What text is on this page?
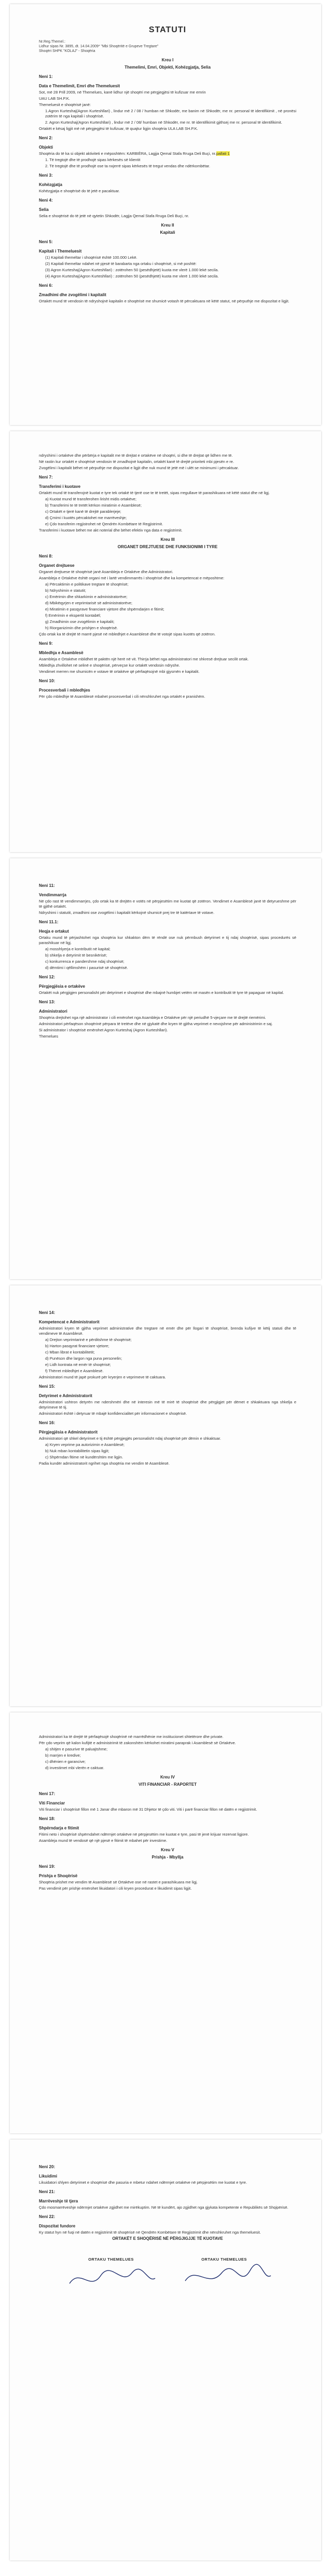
STATUTI
Nr.Reg.Themel.:
Lidhur sipas Nr. 3895, dt. 14.04.2009* "Mbi Shoqëritë e Grupeve Tregtare"
Shoqëri SHPK "KOLAJ" - Shoqëria
Kreu I
Themelimi, Emri, Objekti, Kohëzgjatja, Selia
Neni 1:
Data e Themelimit, Emri dhe Themeluesit
Sot, më 28 Prill 2009, në Themelues, kanë lidhur një shoqëri me përgjegjësi të kufizuar me emrin
UAU LAB SH.P.K.
Themeluesit e shoqërisë janë:
1.Agron Kurteshaj(Agron Kurteshllari) , lindur më 2 / 08 / humban në Shkodër, me banim në Shkodër, me nr. personal të identifikimit , në pronësi zotërim të nga kapitali i shoqërisë.
2. Agron Kurteshaj(Agron Kurteshllari) , lindur më 2 / 08/ humban në Shkodër, me nr. të identifikimit gjithsej me nr. personal të identifikimit.
Ortakët e kësaj ligjit më në përgjegjësi të kufizuar, të quajtur ligjin shoqëria ULA LAB SH.P.K.
Neni 2:
Objekti
Shoqëria do të ka si objekt aktiviteti e mëposhtëm: KARBIÈRA, Lagjja Qemal Stafa Rruga Deli Buçi, nr.pallati 1
1. Të tregtojë dhe të prodhojë sipas kërkesës së klientit
2. Të tregtojë dhe të prodhojë ose ta nxjerrë sipas kërkesës të tregut vendas dhe ndërkombëtar.
Neni 3:
Kohëzgjatja
Kohëzgjatja e shoqërisë do të jetë e pacaktuar.
Neni 4:
Selia
Selia e shoqërisë do të jetë në qytetin Shkodër, Lagjja Qemal Stafa Rruga Deli Buçi, nr.
Kreu II
Kapitali
Neni 5:
Kapitali i Themeluesit
(1) Kapitali themeltar i shoqërisë është 100.000 Lekë.
(2) Kapitali themeltar ndahet në pjesë të barabarta nga ortaku i shoqërisë, si më poshtë:
(3) Agron Kurteshaj(Agron Kurteshllari) : zotërohen 50 (pesëdhjetë) kuota me vlerë 1.000 lekë secila.
(4) Agron Kurteshaj(Agron Kurteshllari) : zotërohen 50 (pesëdhjetë) kuota me vlerë 1.000 lekë secila.
Neni 6:
Zmadhimi dhe zvogëlimi i kapitalit
Ortakët mund të vendosin të ndryshojnë kapitalin e shoqërisë me shumicë votash të përcaktuara në këtë statut, në përputhje me dispozitat e ligjit.
ndryshimi i ortakëve dhe përbërja e kapitalit me të drejtat e ortakëve në shoqëri, si dhe të drejtat që lidhen me të.
Në rastin kur ortakët e shoqërisë vendosin të zmadhojnë kapitalin, ortakët kanë të drejtë prioriteti mbi pjesën e re.
Zvogëlimi i kapitalit bëhet në përputhje me dispozitat e ligjit dhe nuk mund të jetë më i ulët se minimumi i përcaktuar.
Neni 7:
Transferimi i kuotave
Ortakët mund të transferojnë kuotat e tyre tek ortakë të tjerë ose te të tretët, sipas rregullave të parashikuara në këtë statut dhe në ligj.
a) Kuotat mund të transferohen lirisht midis ortakëve;
b) Transferimi te të tretët kërkon miratimin e Asamblesë;
c) Ortakët e tjerë kanë të drejtë parablerjeje;
d) Çmimi i kuotës përcaktohet me marrëveshje;
e) Çdo transferim regjistrohet në Qendrën Kombëtare të Regjistrimit.
Transferimi i kuotave bëhet me akt noterial dhe bëhet efektiv nga data e regjistrimit.
Kreu III
ORGANET DREJTUESE DHE FUNKSIONIMI I TYRE
Neni 8:
Organet drejtuese
Organet drejtuese të shoqërisë janë Asambleja e Ortakëve dhe Administratori.
Asambleja e Ortakëve është organi më i lartë vendimmarrës i shoqërisë dhe ka kompetencat e mëposhtme:
a) Përcaktimin e politikave tregtare të shoqërisë;
b) Ndryshimin e statutit;
c) Emërimin dhe shkarkimin e administratorëve;
d) Mbikëqyrjen e veprimtarisë së administratorëve;
e) Miratimin e pasqyrave financiare vjetore dhe shpërndarjen e fitimit;
f) Emërimin e ekspertit kontabël;
g) Zmadhimin ose zvogëlimin e kapitalit;
h) Riorganizimin dhe prishjen e shoqërisë.
Çdo ortak ka të drejtë të marrë pjesë në mbledhjet e Asamblesë dhe të votojë sipas kuotës që zotëron.
Neni 9:
Mbledhja e Asamblesë
Asambleja e Ortakëve mblidhet të paktën një herë në vit. Thirrja bëhet nga administratori me shkresë drejtuar secilit ortak.
Mbledhja zhvillohet në selinë e shoqërisë, përveçse kur ortakët vendosin ndryshe.
Vendimet merren me shumicën e votave të ortakëve që përfaqësojnë mbi gjysmën e kapitalit.
Neni 10:
Procesverbali i mbledhjes
Për çdo mbledhje të Asamblesë mbahet procesverbal i cili nënshkruhet nga ortakët e pranishëm.
Neni 11:
Vendimmarrja
Në çdo rast të vendimmarrjes, çdo ortak ka të drejtën e votës në përpjesëtim me kuotat që zotëron. Vendimet e Asamblesë janë të detyrueshme për të gjithë ortakët.
Ndryshimi i statutit, zmadhimi ose zvogëlimi i kapitalit kërkojnë shumicë prej tre të katërtave të votave.
Neni 11.1:
Heqja e ortakut
Ortaku mund të përjashtohet nga shoqëria kur shkakton dëm të rëndë ose nuk përmbush detyrimet e tij ndaj shoqërisë, sipas procedurës së parashikuar në ligj.
a) mosshlyerja e kontributit në kapital;
b) shkelja e detyrimit të besnikërisë;
c) konkurrenca e pandershme ndaj shoqërisë;
d) dëmtimi i qëllimshëm i pasurisë së shoqërisë.
Neni 12:
Përgjegjësia e ortakëve
Ortakët nuk përgjigjen personalisht për detyrimet e shoqërisë dhe mbajnë humbjet vetëm në masën e kontributit të tyre të papaguar në kapital.
Neni 13:
Administratori
Shoqëria drejtohet nga një administrator i cili emërohet nga Asambleja e Ortakëve për një periudhë 5-vjeçare me të drejtë riemërimi.
Administratori përfaqëson shoqërinë përpara të tretëve dhe në gjykatë dhe kryen të gjitha veprimet e nevojshme për administrimin e saj.
Si administrator i shoqërisë emërohet Agron Kurteshaj (Agron Kurteshllari).
Themelues
Neni 14:
Kompetencat e Administratorit
Administratori kryen të gjitha veprimet administrative dhe tregtare në emër dhe për llogari të shoqërisë, brenda kufijve të këtij statuti dhe të vendimeve të Asamblesë.
a) Drejton veprimtarinë e përditshme të shoqërisë;
b) Harton pasqyrat financiare vjetore;
c) Mban librat e kontabilitetit;
d) Punëson dhe largon nga puna personelin;
e) Lidh kontrata në emër të shoqërisë;
f) Thërret mbledhjet e Asamblesë.
Administratori mund të japë prokurë për kryerjen e veprimeve të caktuara.
Neni 15:
Detyrimet e Administratorit
Administratori ushtron detyrën me ndershmëri dhe në interesin më të mirë të shoqërisë dhe përgjigjet për dëmet e shkaktuara nga shkelja e detyrimeve të tij.
Administratori është i detyruar të mbajë konfidencialitet për informacionet e shoqërisë.
Neni 16:
Përgjegjësia e Administratorit
Administratori që shkel detyrimet e tij është përgjegjës personalisht ndaj shoqërisë për dëmin e shkaktuar.
a) Kryen veprime pa autorizimin e Asamblesë;
b) Nuk mban kontabilitetin sipas ligjit;
c) Shpërndan fitime në kundërshtim me ligjin.
Padia kundër administratorit ngrihet nga shoqëria me vendim të Asamblesë.
Administratori ka të drejtë të përfaqësojë shoqërinë në marrëdhënie me institucionet shtetërore dhe private.
Për çdo veprim që kalon kufijtë e administrimit të zakonshëm kërkohet miratimi paraprak i Asamblesë së Ortakëve.
a) shitjen e pasurive të paluajtshme;
b) marrjen e kredive;
c) dhënien e garancive;
d) investimet mbi vlerën e caktuar.
Kreu IV
VITI FINANCIAR - RAPORTET
Neni 17:
Viti Financiar
Viti financiar i shoqërisë fillon më 1 Janar dhe mbaron më 31 Dhjetor të çdo viti. Viti i parë financiar fillon në datën e regjistrimit.
Neni 18:
Shpërndarja e fitimit
Fitimi neto i shoqërisë shpërndahet ndërmjet ortakëve në përpjesëtim me kuotat e tyre, pasi të jenë krijuar rezervat ligjore.
Asambleja mund të vendosë që një pjesë e fitimit të mbahet për investime.
Kreu V
Prishja - Mbyllja
Neni 19:
Prishja e Shoqërisë
Shoqëria prishet me vendim të Asamblesë së Ortakëve ose në rastet e parashikuara me ligj.
Pas vendimit për prishje emërohet likuidatori i cili kryen procedurat e likuidimit sipas ligjit.
Neni 20:
Likuidimi
Likuidatori shlyen detyrimet e shoqërisë dhe pasuria e mbetur ndahet ndërmjet ortakëve në përpjesëtim me kuotat e tyre.
Neni 21:
Marrëveshje të tjera
Çdo mosmarrëveshje ndërmjet ortakëve zgjidhet me mirëkuptim. Në të kundërt, ajo zgjidhet nga gjykata kompetente e Republikës së Shqipërisë.
Neni 22:
Dispozitat fundore
Ky statut hyn në fuqi në datën e regjistrimit të shoqërisë në Qendrën Kombëtare të Regjistrimit dhe nënshkruhet nga themeluesit.
ORTAKËT E SHOQËRISË NË PËRGJIGJJE TË KUOTAVE
ORTAKU THEMELUES	ORTAKU THEMELUES
